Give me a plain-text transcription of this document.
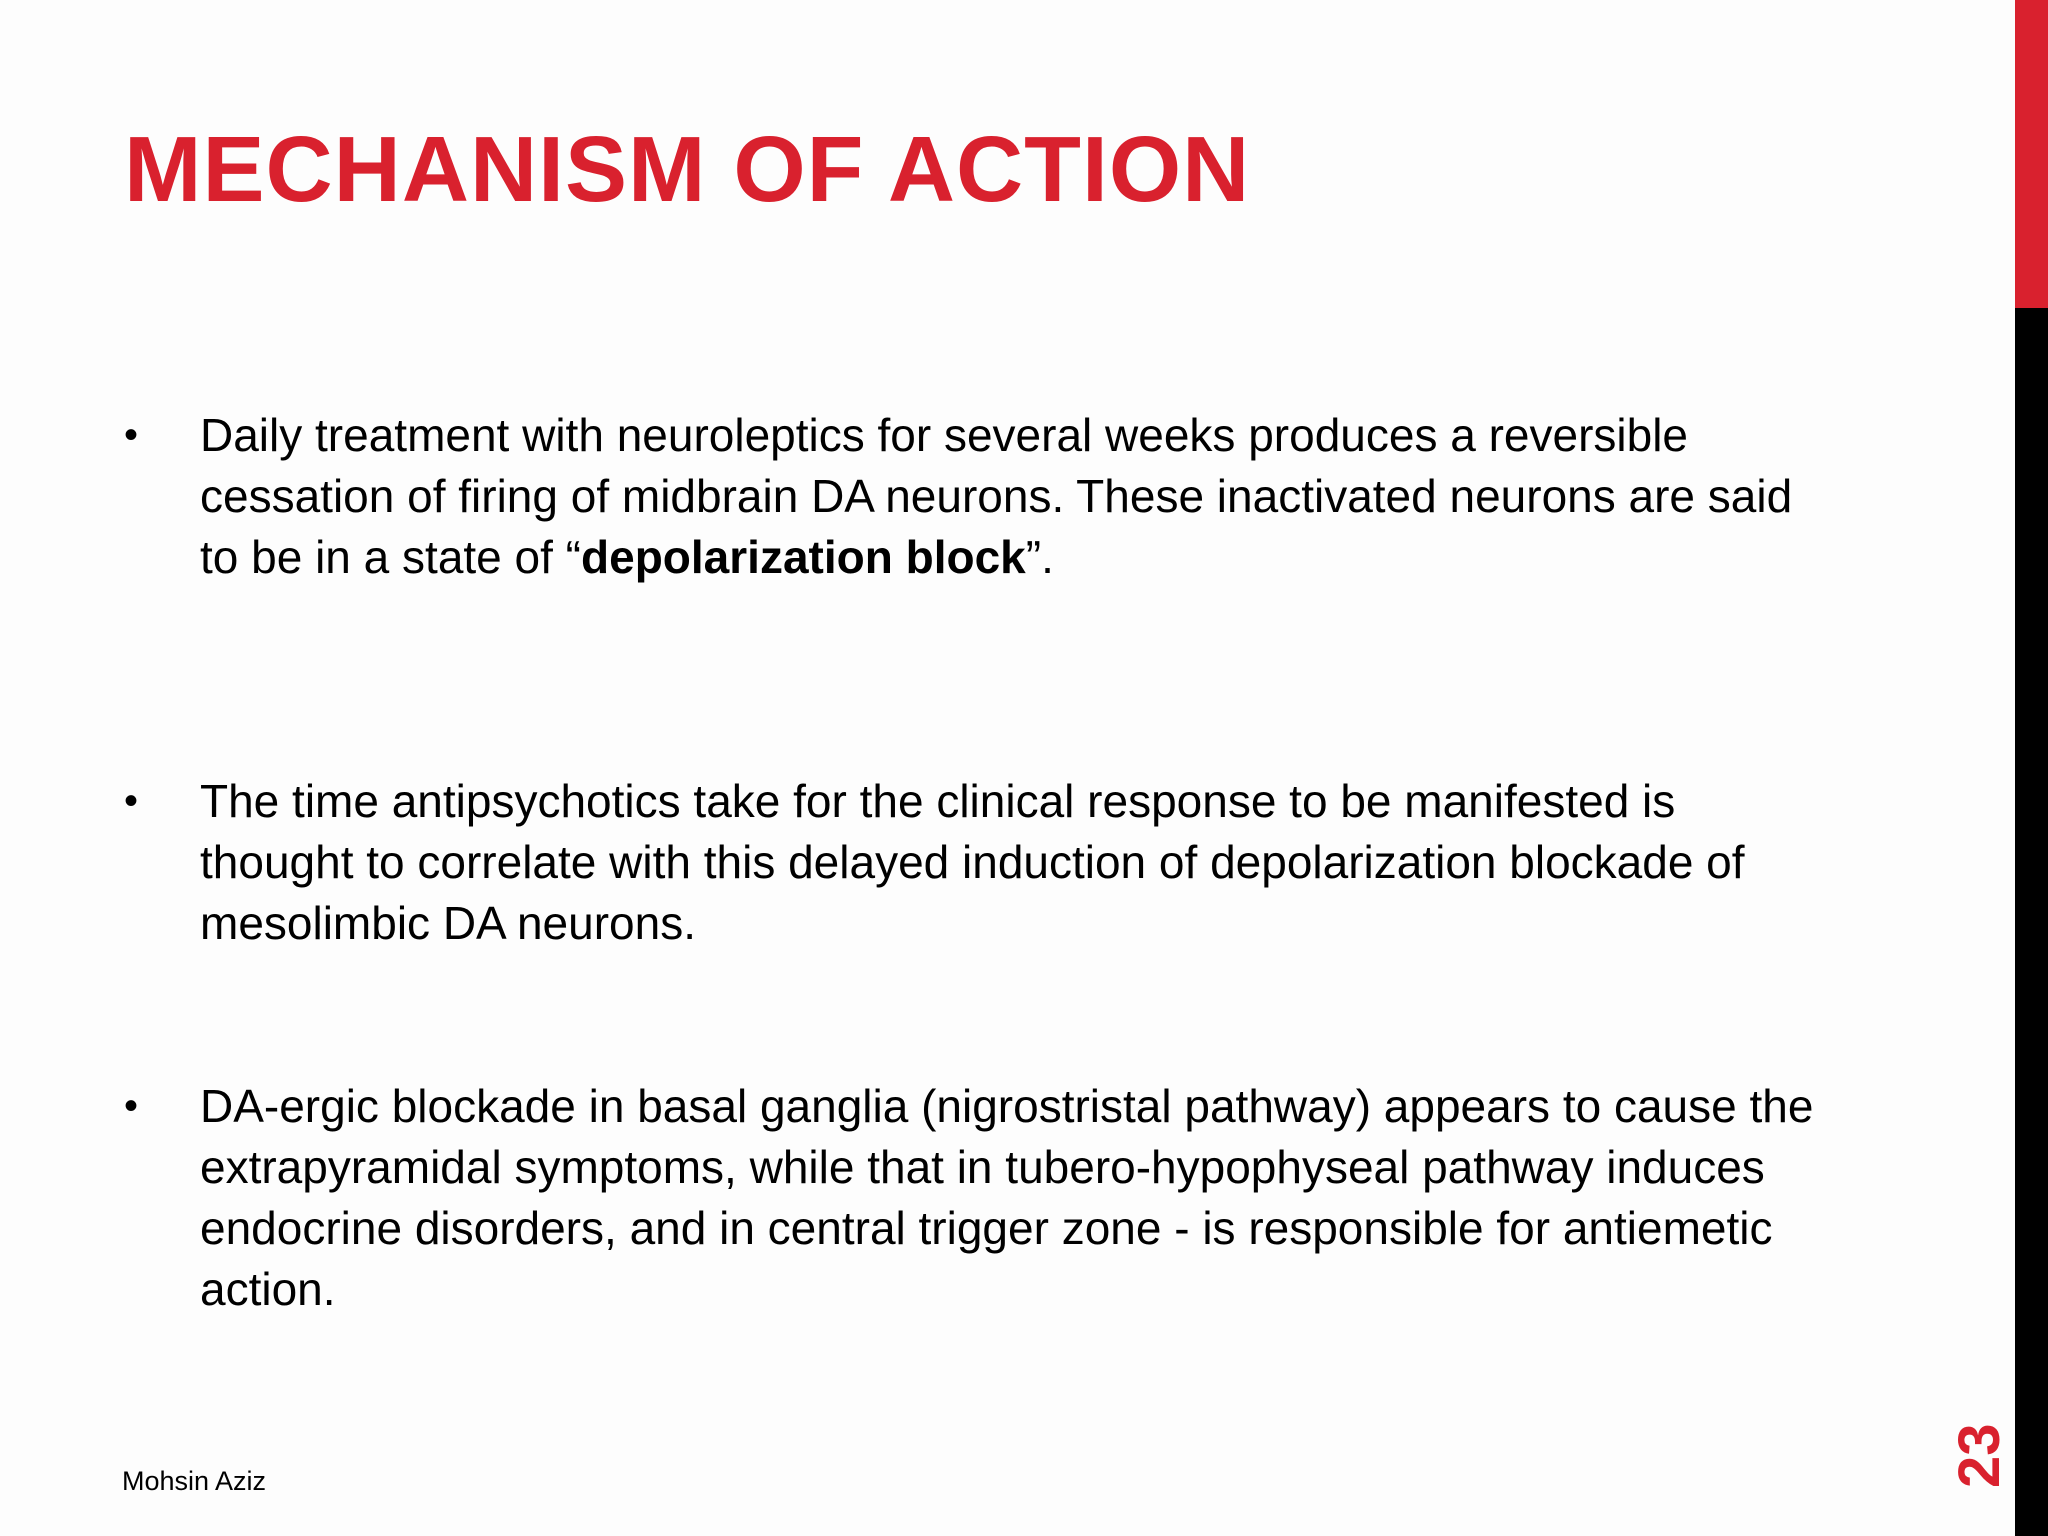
MECHANISM OF ACTION
•	Daily treatment with neuroleptics for several weeks produces a reversible cessation of firing of midbrain DA neurons. These inactivated neurons are said to be in a state of “depolarization block”.
•	The time antipsychotics take for the clinical response to be manifested is thought to correlate with this delayed induction of depolarization blockade of mesolimbic DA neurons.
•	DA-ergic blockade in basal ganglia (nigrostristal pathway) appears to cause the extrapyramidal symptoms, while that in tubero-hypophyseal pathway induces endocrine disorders, and in central trigger zone - is responsible for antiemetic action.
Mohsin Aziz	23
